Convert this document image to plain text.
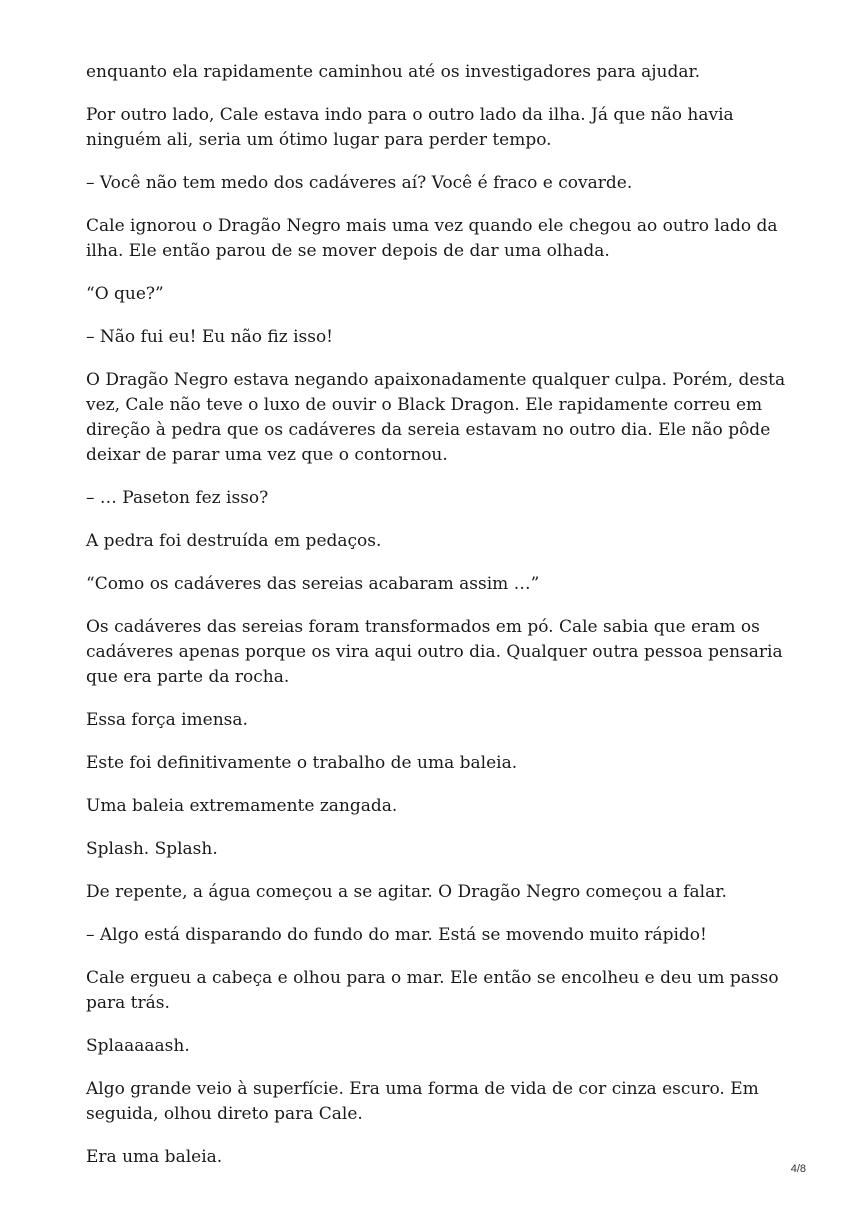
enquanto ela rapidamente caminhou até os investigadores para ajudar.

Por outro lado, Cale estava indo para o outro lado da ilha. Já que não havia ninguém ali, seria um ótimo lugar para perder tempo.

– Você não tem medo dos cadáveres aí? Você é fraco e covarde.

Cale ignorou o Dragão Negro mais uma vez quando ele chegou ao outro lado da ilha. Ele então parou de se mover depois de dar uma olhada.

“O que?”

– Não fui eu! Eu não fiz isso!

O Dragão Negro estava negando apaixonadamente qualquer culpa. Porém, desta vez, Cale não teve o luxo de ouvir o Black Dragon. Ele rapidamente correu em direção à pedra que os cadáveres da sereia estavam no outro dia. Ele não pôde deixar de parar uma vez que o contornou.

– … Paseton fez isso?

A pedra foi destruída em pedaços.

“Como os cadáveres das sereias acabaram assim …”

Os cadáveres das sereias foram transformados em pó. Cale sabia que eram os cadáveres apenas porque os vira aqui outro dia. Qualquer outra pessoa pensaria que era parte da rocha.

Essa força imensa.

Este foi definitivamente o trabalho de uma baleia.

Uma baleia extremamente zangada.

Splash. Splash.

De repente, a água começou a se agitar. O Dragão Negro começou a falar.

– Algo está disparando do fundo do mar. Está se movendo muito rápido!

Cale ergueu a cabeça e olhou para o mar. Ele então se encolheu e deu um passo para trás.

Splaaaaash.

Algo grande veio à superfície. Era uma forma de vida de cor cinza escuro. Em seguida, olhou direto para Cale.

Era uma baleia.

4/8
